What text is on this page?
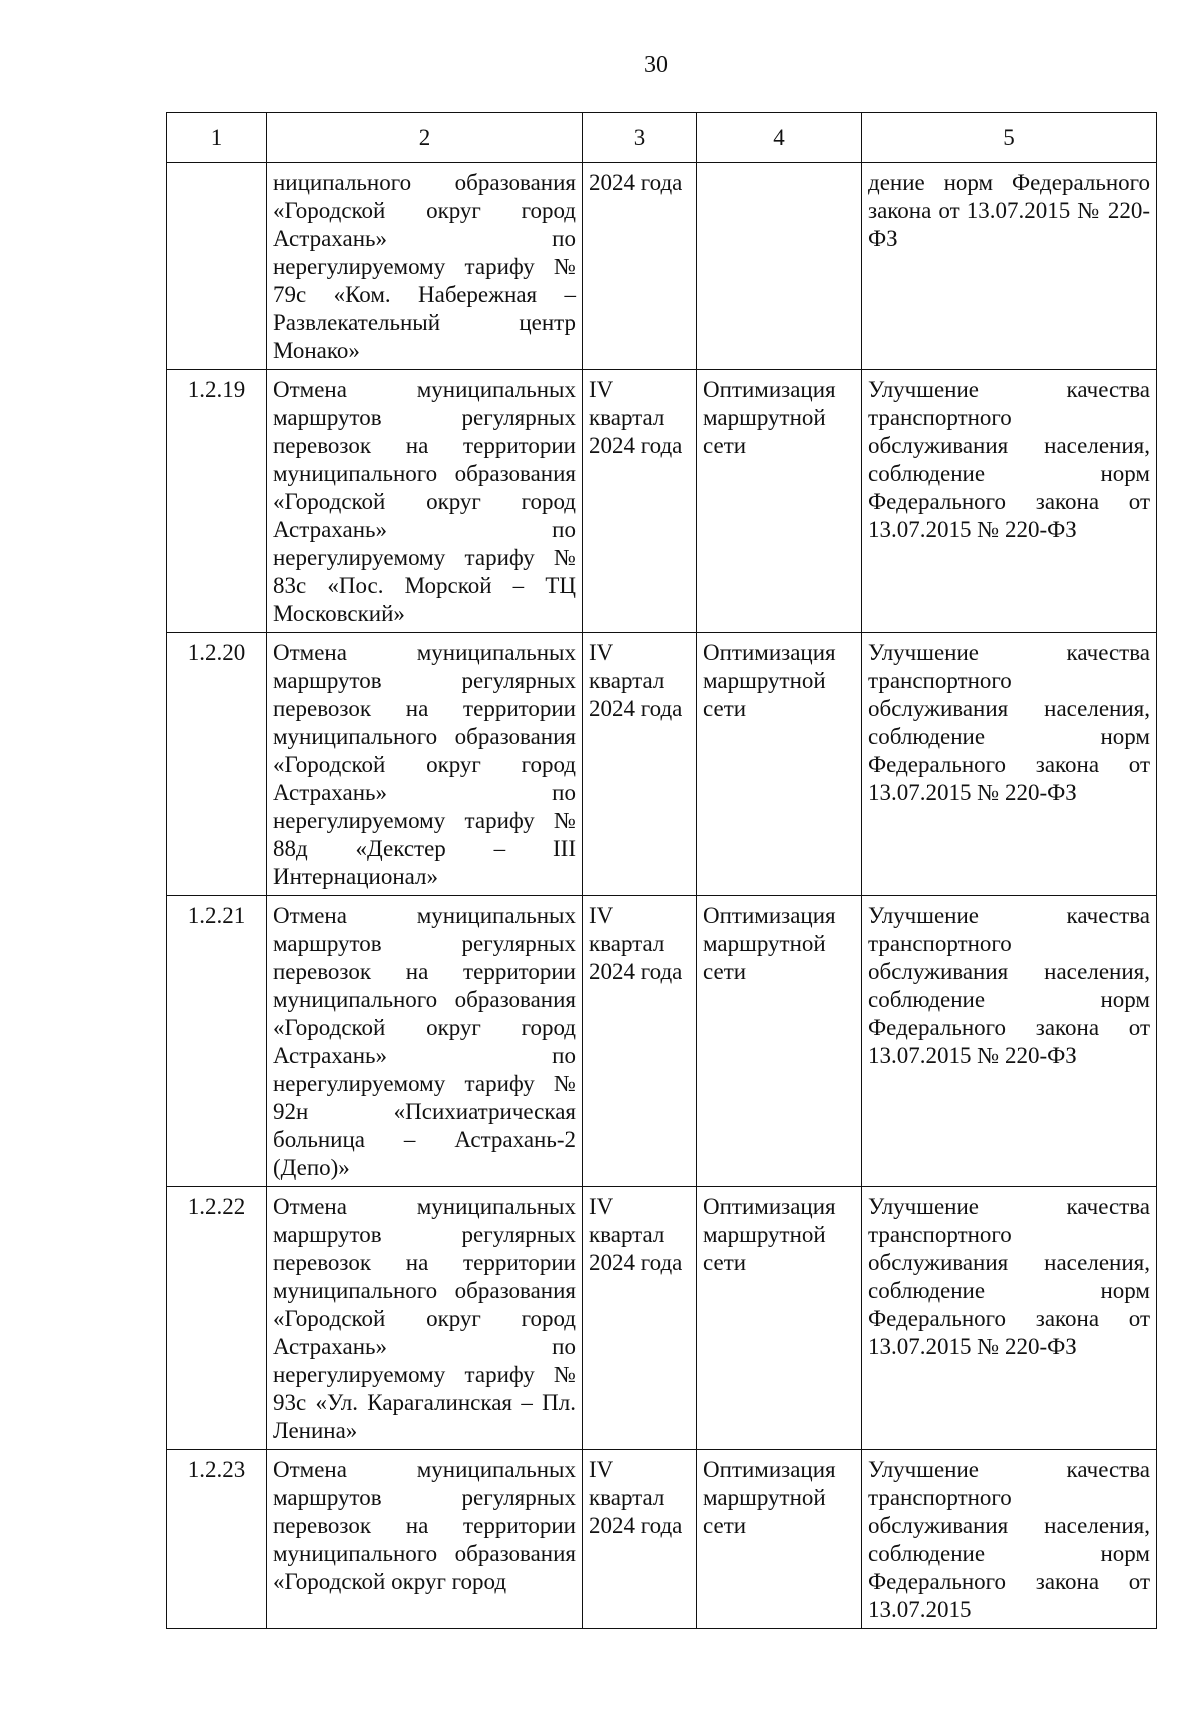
30
1	2	3	4	5
	ниципального образования «Городской округ город Астрахань» по нерегулируемому тарифу № 79с «Ком. Набережная – Развлекательный центр Монако»	2024 года		дение норм Федерального закона от 13.07.2015 № 220-ФЗ
1.2.19	Отмена муниципальных маршрутов регулярных перевозок на территории муниципального образования «Городской округ город Астрахань» по нерегулируемому тарифу № 83с «Пос. Морской – ТЦ Московский»	IV квартал 2024 года	Оптимизация маршрутной сети	Улучшение качества транспортного обслуживания населения, соблюдение норм Федерального закона от 13.07.2015 № 220-ФЗ
1.2.20	Отмена муниципальных маршрутов регулярных перевозок на территории муниципального образования «Городской округ город Астрахань» по нерегулируемому тарифу № 88д «Декстер – III Интернационал»	IV квартал 2024 года	Оптимизация маршрутной сети	Улучшение качества транспортного обслуживания населения, соблюдение норм Федерального закона от 13.07.2015 № 220-ФЗ
1.2.21	Отмена муниципальных маршрутов регулярных перевозок на территории муниципального образования «Городской округ город Астрахань» по нерегулируемому тарифу № 92н «Психиатрическая больница – Астрахань-2 (Депо)»	IV квартал 2024 года	Оптимизация маршрутной сети	Улучшение качества транспортного обслуживания населения, соблюдение норм Федерального закона от 13.07.2015 № 220-ФЗ
1.2.22	Отмена муниципальных маршрутов регулярных перевозок на территории муниципального образования «Городской округ город Астрахань» по нерегулируемому тарифу № 93с «Ул. Карагалинская – Пл. Ленина»	IV квартал 2024 года	Оптимизация маршрутной сети	Улучшение качества транспортного обслуживания населения, соблюдение норм Федерального закона от 13.07.2015 № 220-ФЗ
1.2.23	Отмена муниципальных маршрутов регулярных перевозок на территории муниципального образования «Городской округ город	IV квартал 2024 года	Оптимизация маршрутной сети	Улучшение качества транспортного обслуживания населения, соблюдение норм Федерального закона от 13.07.2015
